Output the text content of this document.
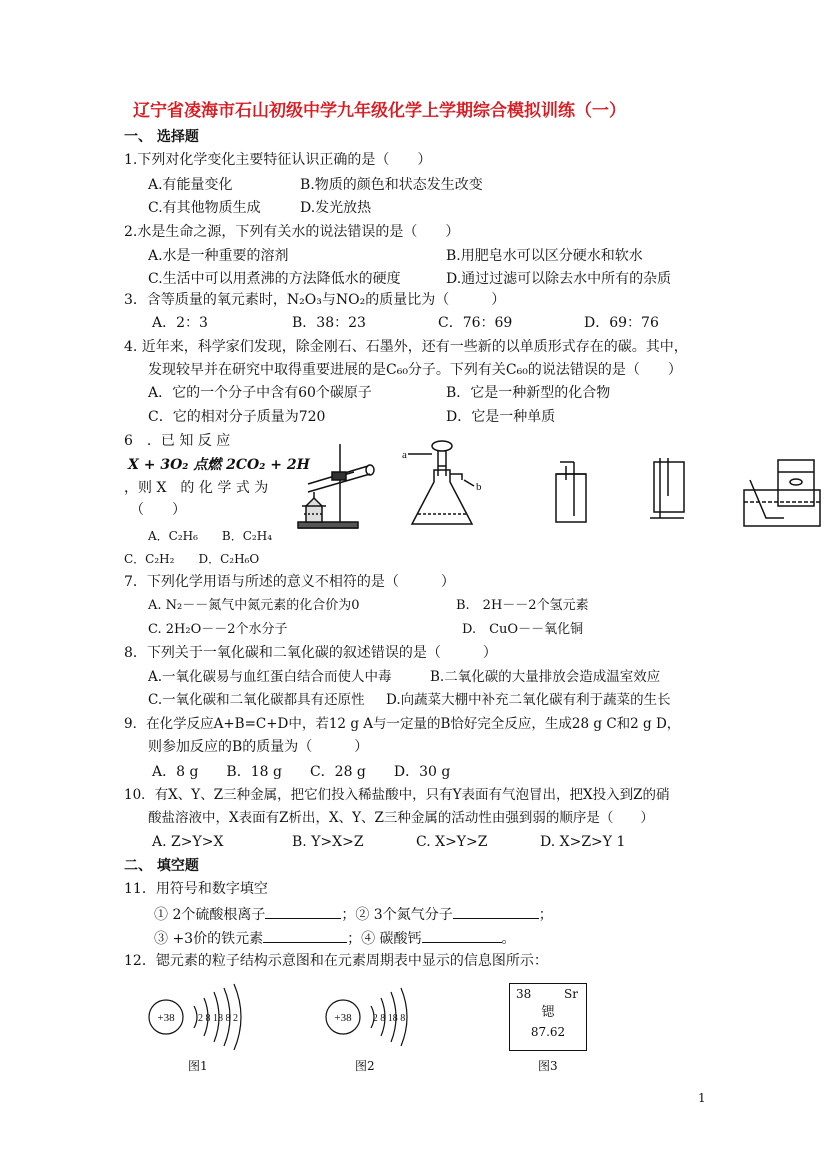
辽宁省凌海市石山初级中学九年级化学上学期综合模拟训练（一）
一、 选择题
1.下列对化学变化主要特征认识正确的是（　　）
A.有能量变化	B.物质的颜色和状态发生改变
C.有其他物质生成	D.发光放热
2.水是生命之源，下列有关水的说法错误的是（　　）
A.水是一种重要的溶剂	B.用肥皂水可以区分硬水和软水
C.生活中可以用煮沸的方法降低水的硬度	D.通过过滤可以除去水中所有的杂质
3．含等质量的氧元素时，N₂O₃与NO₂的质量比为（　　　）
A．2：3	B．38：23	C．76：69	D．69：76
4. 近年来，科学家们发现，除金刚石、石墨外，还有一些新的以单质形式存在的碳。其中，
发现较早并在研究中取得重要进展的是C₆₀分子。下列有关C₆₀的说法错误的是（　　）
A．它的一个分子中含有60个碳原子	B．它是一种新型的化合物
C．它的相对分子质量为720	D．它是一种单质
6　．已 知 反 应
X + 3O₂ 点燃 2CO₂ + 2H
，则 X　的 化 学 式 为
（　　）
A．C₂H₆　　B．C₂H₄
C．C₂H₂　　D．C₂H₆O
a
b
7．下列化学用语与所述的意义不相符的是（　　　）
A. N₂－－氮气中氮元素的化合价为0	B.　2H－－2个氢元素
C. 2H₂O－－2个水分子	D.　CuO－－氧化铜
8．下列关于一氧化碳和二氧化碳的叙述错误的是（　　　）
A.一氧化碳易与血红蛋白结合而使人中毒	B.二氧化碳的大量排放会造成温室效应
C.一氧化碳和二氧化碳都具有还原性 D.向蔬菜大棚中补充二氧化碳有利于蔬菜的生长
9．在化学反应A+B=C+D中，若12 g A与一定量的B恰好完全反应，生成28 g C和2 g D，
则参加反应的B的质量为（　　　）
A．8 g　　B．18 g　　C．28 g　　D．30 g
10．有X、Y、Z三种金属，把它们投入稀盐酸中，只有Y表面有气泡冒出，把X投入到Z的硝
酸盐溶液中，X表面有Z析出，X、Y、Z三种金属的活动性由强到弱的顺序是（　　）
A. Z>Y>X	B. Y>X>Z	C. X>Y>Z	D. X>Z>Y 1
二、 填空题
11．用符号和数字填空
① 2个硫酸根离子	；② 3个氮气分子	；
③ +3价的铁元素	；④ 碳酸钙	。
12．锶元素的粒子结构示意图和在元素周期表中显示的信息图所示：
+38 2 8 18 8 2
图1
+38 2 8 18 8
图2
38	Sr
锶
87.62
图3
1
